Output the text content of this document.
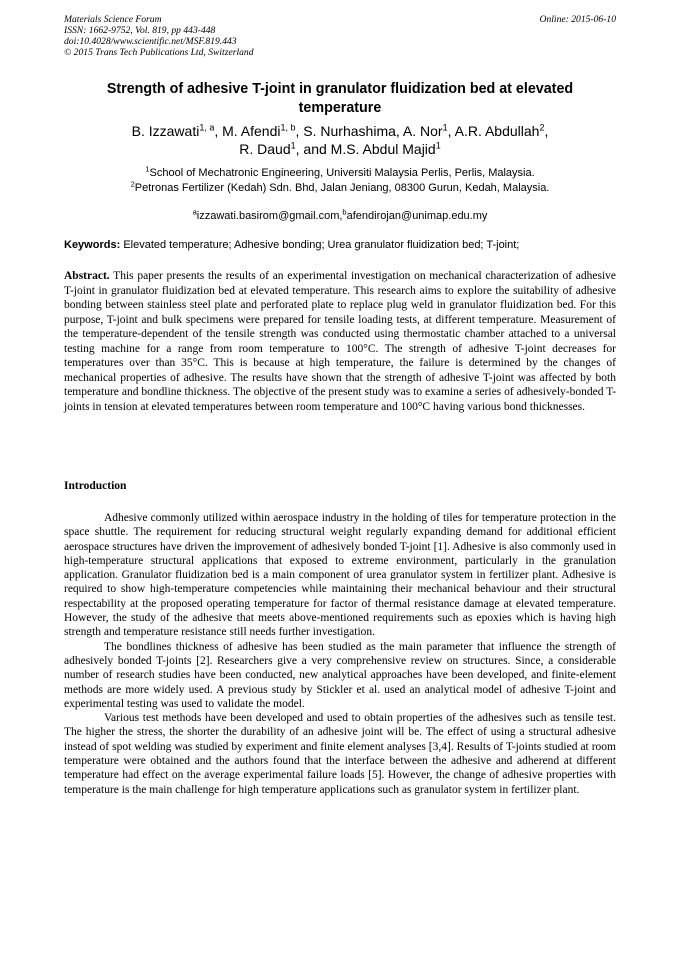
Materials Science Forum
ISSN: 1662-9752, Vol. 819, pp 443-448
doi:10.4028/www.scientific.net/MSF.819.443
© 2015 Trans Tech Publications Ltd, Switzerland
Online: 2015-06-10
Strength of adhesive T-joint in granulator fluidization bed at elevated temperature
B. Izzawati$^{1, a}$, M. Afendi$^{1, b}$, S. Nurhashima, A. Nor$^1$, A.R. Abdullah$^2$,
R. Daud$^1$, and M.S. Abdul Majid$^1$
$^1$School of Mechatronic Engineering, Universiti Malaysia Perlis, Perlis, Malaysia.
$^2$Petronas Fertilizer (Kedah) Sdn. Bhd, Jalan Jeniang, 08300 Gurun, Kedah, Malaysia.
$^a$izzawati.basirom@gmail.com,$^b$afendirojan@unimap.edu.my
Keywords: Elevated temperature; Adhesive bonding; Urea granulator fluidization bed; T-joint;
Abstract. This paper presents the results of an experimental investigation on mechanical characterization of adhesive T-joint in granulator fluidization bed at elevated temperature. This research aims to explore the suitability of adhesive bonding between stainless steel plate and perforated plate to replace plug weld in granulator fluidization bed. For this purpose, T-joint and bulk specimens were prepared for tensile loading tests, at different temperature. Measurement of the temperature-dependent of the tensile strength was conducted using thermostatic chamber attached to a universal testing machine for a range from room temperature to 100°C. The strength of adhesive T-joint decreases for temperatures over than 35°C. This is because at high temperature, the failure is determined by the changes of mechanical properties of adhesive. The results have shown that the strength of adhesive T-joint was affected by both temperature and bondline thickness. The objective of the present study was to examine a series of adhesively-bonded T-joints in tension at elevated temperatures between room temperature and 100°C having various bond thicknesses.
Introduction

Adhesive commonly utilized within aerospace industry in the holding of tiles for temperature protection in the space shuttle. The requirement for reducing structural weight regularly expanding demand for additional efficient aerospace structures have driven the improvement of adhesively bonded T-joint [1]. Adhesive is also commonly used in high-temperature structural applications that exposed to extreme environment, particularly in the granulation application. Granulator fluidization bed is a main component of urea granulator system in fertilizer plant. Adhesive is required to show high-temperature competencies while maintaining their mechanical behaviour and their structural respectability at the proposed operating temperature for factor of thermal resistance damage at elevated temperature. However, the study of the adhesive that meets above-mentioned requirements such as epoxies which is having high strength and temperature resistance still needs further investigation.

The bondlines thickness of adhesive has been studied as the main parameter that influence the strength of adhesively bonded T-joints [2]. Researchers give a very comprehensive review on structures. Since, a considerable number of research studies have been conducted, new analytical approaches have been developed, and finite-element methods are more widely used. A previous study by Stickler et al. used an analytical model of adhesive T-joint and experimental testing was used to validate the model.

Various test methods have been developed and used to obtain properties of the adhesives such as tensile test. The higher the stress, the shorter the durability of an adhesive joint will be. The effect of using a structural adhesive instead of spot welding was studied by experiment and finite element analyses [3,4]. Results of T-joints studied at room temperature were obtained and the authors found that the interface between the adhesive and adherend at different temperature had effect on the average experimental failure loads [5]. However, the change of adhesive properties with temperature is the main challenge for high temperature applications such as granulator system in fertilizer plant.
